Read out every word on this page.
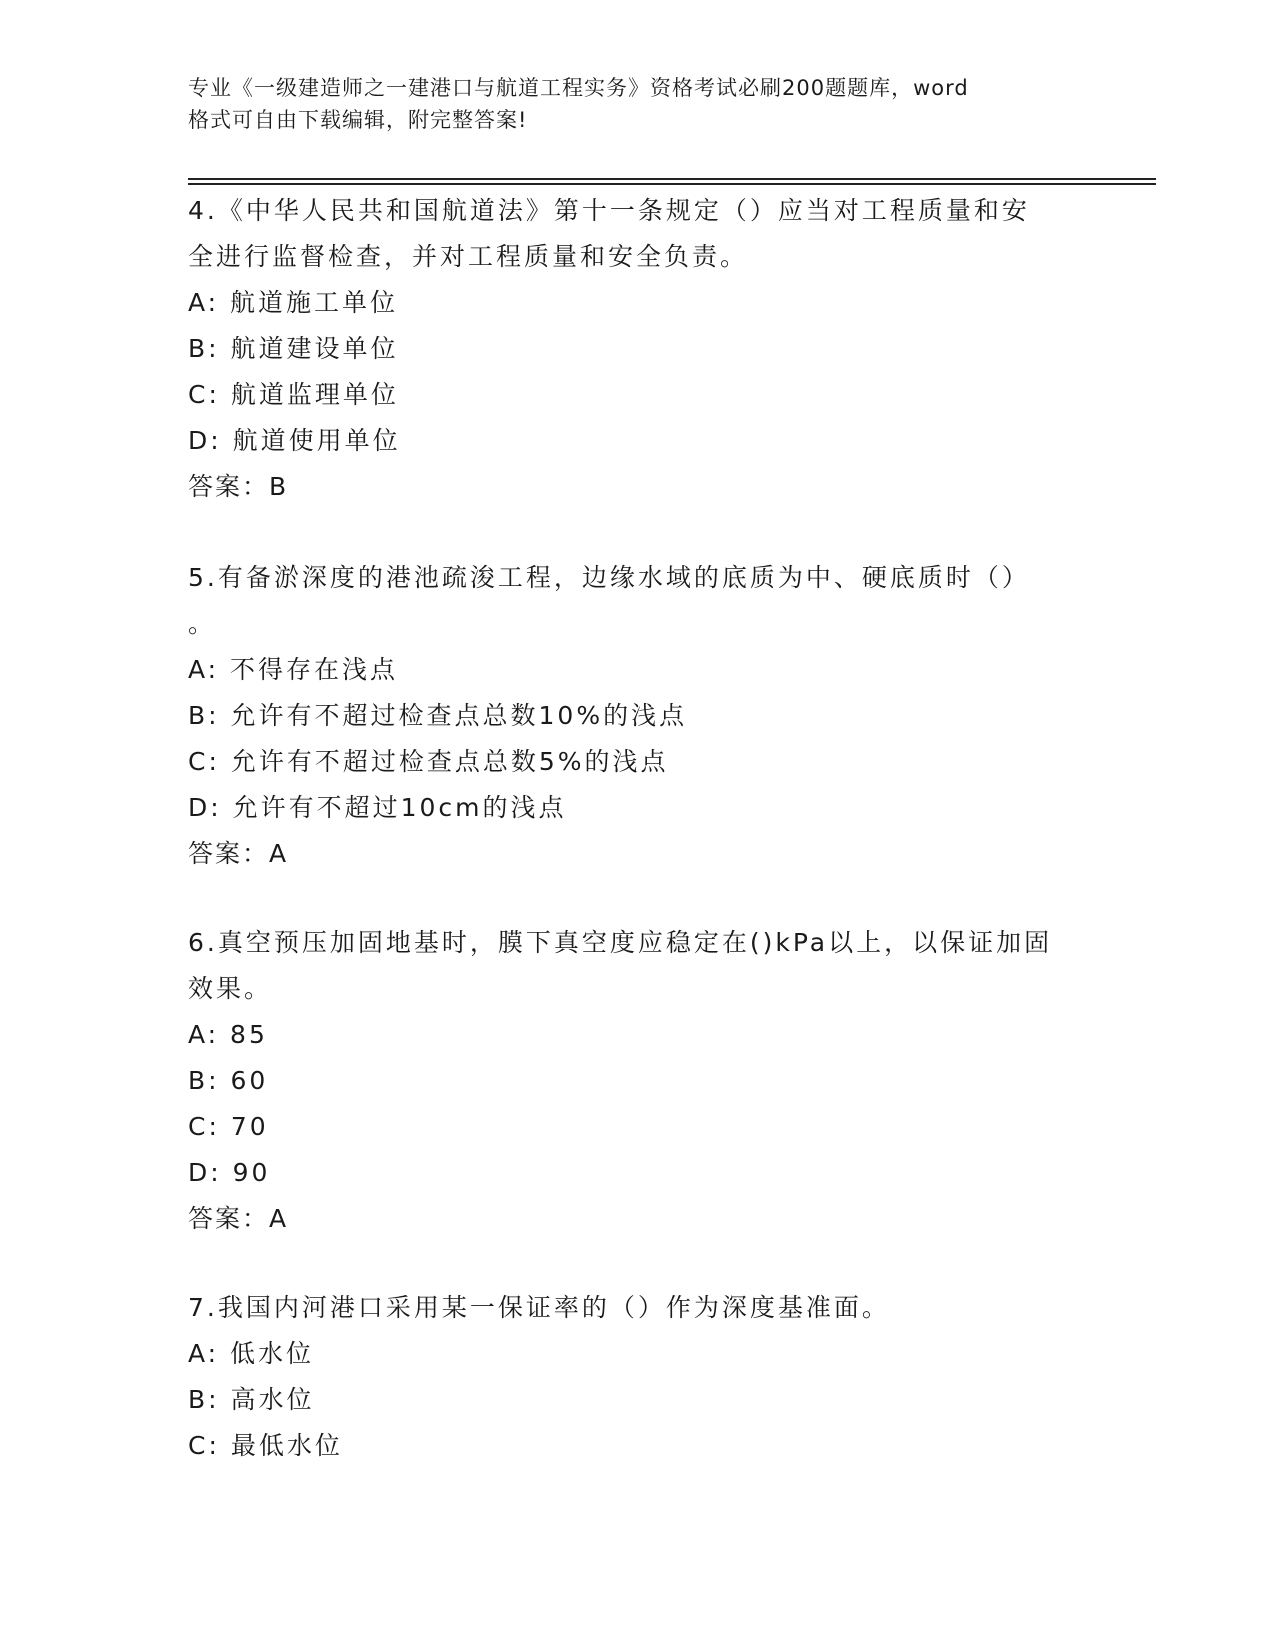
专业《一级建造师之一建港口与航道工程实务》资格考试必刷200题题库，word
格式可自由下载编辑，附完整答案!
4.《中华人民共和国航道法》第十一条规定（）应当对工程质量和安
全进行监督检查，并对工程质量和安全负责。
A: 航道施工单位
B: 航道建设单位
C: 航道监理单位
D: 航道使用单位
答案：B
5.有备淤深度的港池疏浚工程，边缘水域的底质为中、硬底质时（）
。
A: 不得存在浅点
B: 允许有不超过检查点总数10%的浅点
C: 允许有不超过检查点总数5%的浅点
D: 允许有不超过10cm的浅点
答案：A
6.真空预压加固地基时，膜下真空度应稳定在()kPa以上，以保证加固
效果。
A: 85
B: 60
C: 70
D: 90
答案：A
7.我国内河港口采用某一保证率的（）作为深度基准面。
A: 低水位
B: 高水位
C: 最低水位
